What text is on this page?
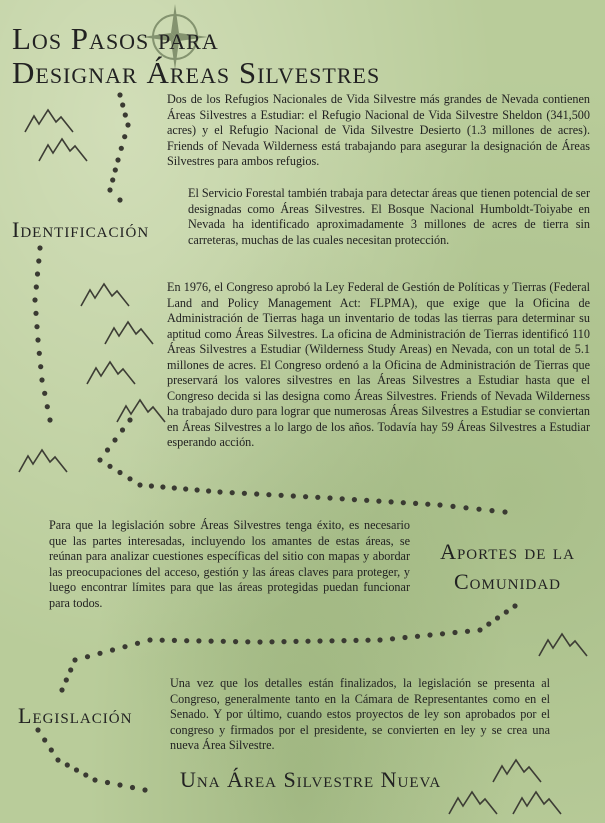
Los Pasos para
Designar Áreas Silvestres

Dos de los Refugios Nacionales de Vida Silvestre más grandes de Nevada contienen Áreas Silvestres a Estudiar: el Refugio Nacional de Vida Silvestre Sheldon (341,500 acres) y el Refugio Nacional de Vida Silvestre Desierto (1.3 millones de acres). Friends of Nevada Wilderness está trabajando para asegurar la designación de Áreas Silvestres para ambos refugios.

El Servicio Forestal también trabaja para detectar áreas que tienen potencial de ser designadas como Áreas Silvestres. El Bosque Nacional Humboldt-Toiyabe en Nevada ha identificado aproximadamente 3 millones de acres de tierra sin carreteras, muchas de las cuales necesitan protección.

Identificación

En 1976, el Congreso aprobó la Ley Federal de Gestión de Políticas y Tierras (Federal Land and Policy Management Act: FLPMA), que exige que la Oficina de Administración de Tierras haga un inventario de todas las tierras para determinar su aptitud como Áreas Silvestres. La oficina de Administración de Tierras identificó 110 Áreas Silvestres a Estudiar (Wilderness Study Areas) en Nevada, con un total de 5.1 millones de acres. El Congreso ordenó a la Oficina de Administración de Tierras que preservará los valores silvestres en las Áreas Silvestres a Estudiar hasta que el Congreso decida si las designa como Áreas Silvestres. Friends of Nevada Wilderness ha trabajado duro para lograr que numerosas Áreas Silvestres a Estudiar se conviertan en Áreas Silvestres a lo largo de los años. Todavía hay 59 Áreas Silvestres a Estudiar esperando acción.

Para que la legislación sobre Áreas Silvestres tenga éxito, es necesario que las partes interesadas, incluyendo los amantes de estas áreas, se reúnan para analizar cuestiones específicas del sitio con mapas y abordar las preocupaciones del acceso, gestión y las áreas claves para proteger, y luego encontrar límites para que las áreas protegidas puedan funcionar para todos.

Aportes de la
Comunidad

Una vez que los detalles están finalizados, la legislación se presenta al Congreso, generalmente tanto en la Cámara de Representantes como en el Senado. Y por último, cuando estos proyectos de ley son aprobados por el congreso y firmados por el presidente, se convierten en ley y se crea una nueva Área Silvestre.

Legislación
Una Área Silvestre Nueva
